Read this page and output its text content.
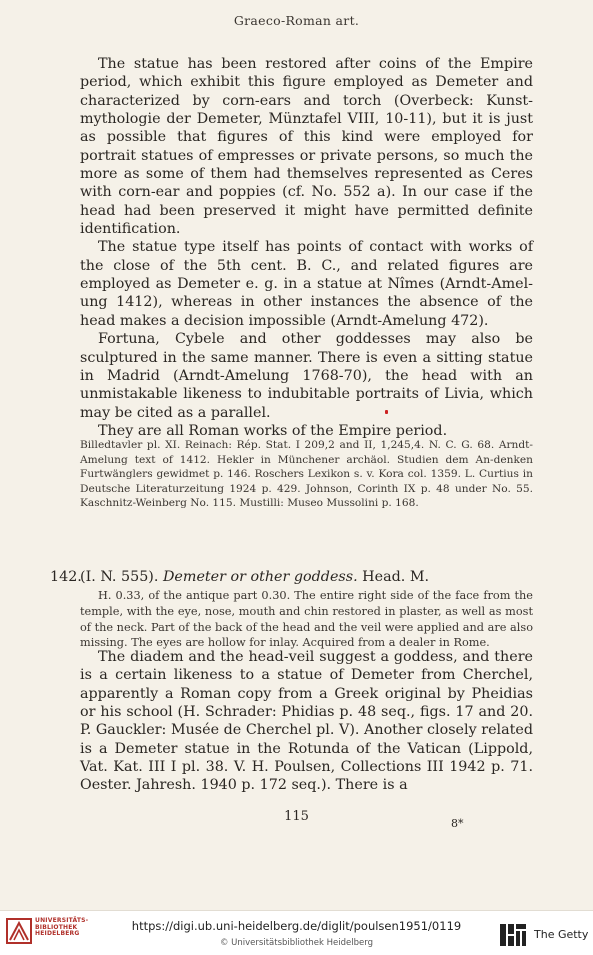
Graeco-Roman art.

The statue has been restored after coins of the Empire period, which exhibit this figure employed as Demeter and characterized by corn-ears and torch (Overbeck: Kunst-mythologie der Demeter, Münztafel VIII, 10-11), but it is just as possible that figures of this kind were employed for portrait statues of empresses or private persons, so much the more as some of them had themselves represented as Ceres with corn-ear and poppies (cf. No. 552 a). In our case if the head had been preserved it might have permitted definite identification.

The statue type itself has points of contact with works of the close of the 5th cent. B. C., and related figures are employed as Demeter e. g. in a statue at Nîmes (Arndt-Amel-ung 1412), whereas in other instances the absence of the head makes a decision impossible (Arndt-Amelung 472).

Fortuna, Cybele and other goddesses may also be sculptured in the same manner. There is even a sitting statue in Madrid (Arndt-Amelung 1768-70), the head with an unmistakable likeness to indubitable portraits of Livia, which may be cited as a parallel.

They are all Roman works of the Empire period.

Billedtavler pl. XI. Reinach: Rép. Stat. I 209,2 and II, 1,245,4. N. C. G. 68. Arndt-Amelung text of 1412. Hekler in Münchener archäol. Studien dem An-denken Furtwänglers gewidmet p. 146. Roschers Lexikon s. v. Kora col. 1359. L. Curtius in Deutsche Literaturzeitung 1924 p. 429. Johnson, Corinth IX p. 48 under No. 55. Kaschnitz-Weinberg No. 115. Mustilli: Museo Mussolini p. 168.
142.
(I. N. 555). Demeter or other goddess. Head. M.
H. 0.33, of the antique part 0.30. The entire right side of the face from the temple, with the eye, nose, mouth and chin restored in plaster, as well as most of the neck. Part of the back of the head and the veil were applied and are also missing. The eyes are hollow for inlay. Acquired from a dealer in Rome.
The diadem and the head-veil suggest a goddess, and there is a certain likeness to a statue of Demeter from Cherchel, apparently a Roman copy from a Greek original by Pheidias or his school (H. Schrader: Phidias p. 48 seq., figs. 17 and 20. P. Gauckler: Musée de Cherchel pl. V). Another closely related is a Demeter statue in the Rotunda of the Vatican (Lippold, Vat. Kat. III I pl. 38. V. H. Poulsen, Collections III 1942 p. 71. Oester. Jahresh. 1940 p. 172 seq.). There is a
115	8*
UNIVERSITÄTS-
BIBLIOTHEK
HEIDELBERG
https://digi.ub.uni-heidelberg.de/diglit/poulsen1951/0119
© Universitätsbibliothek Heidelberg
The Getty
